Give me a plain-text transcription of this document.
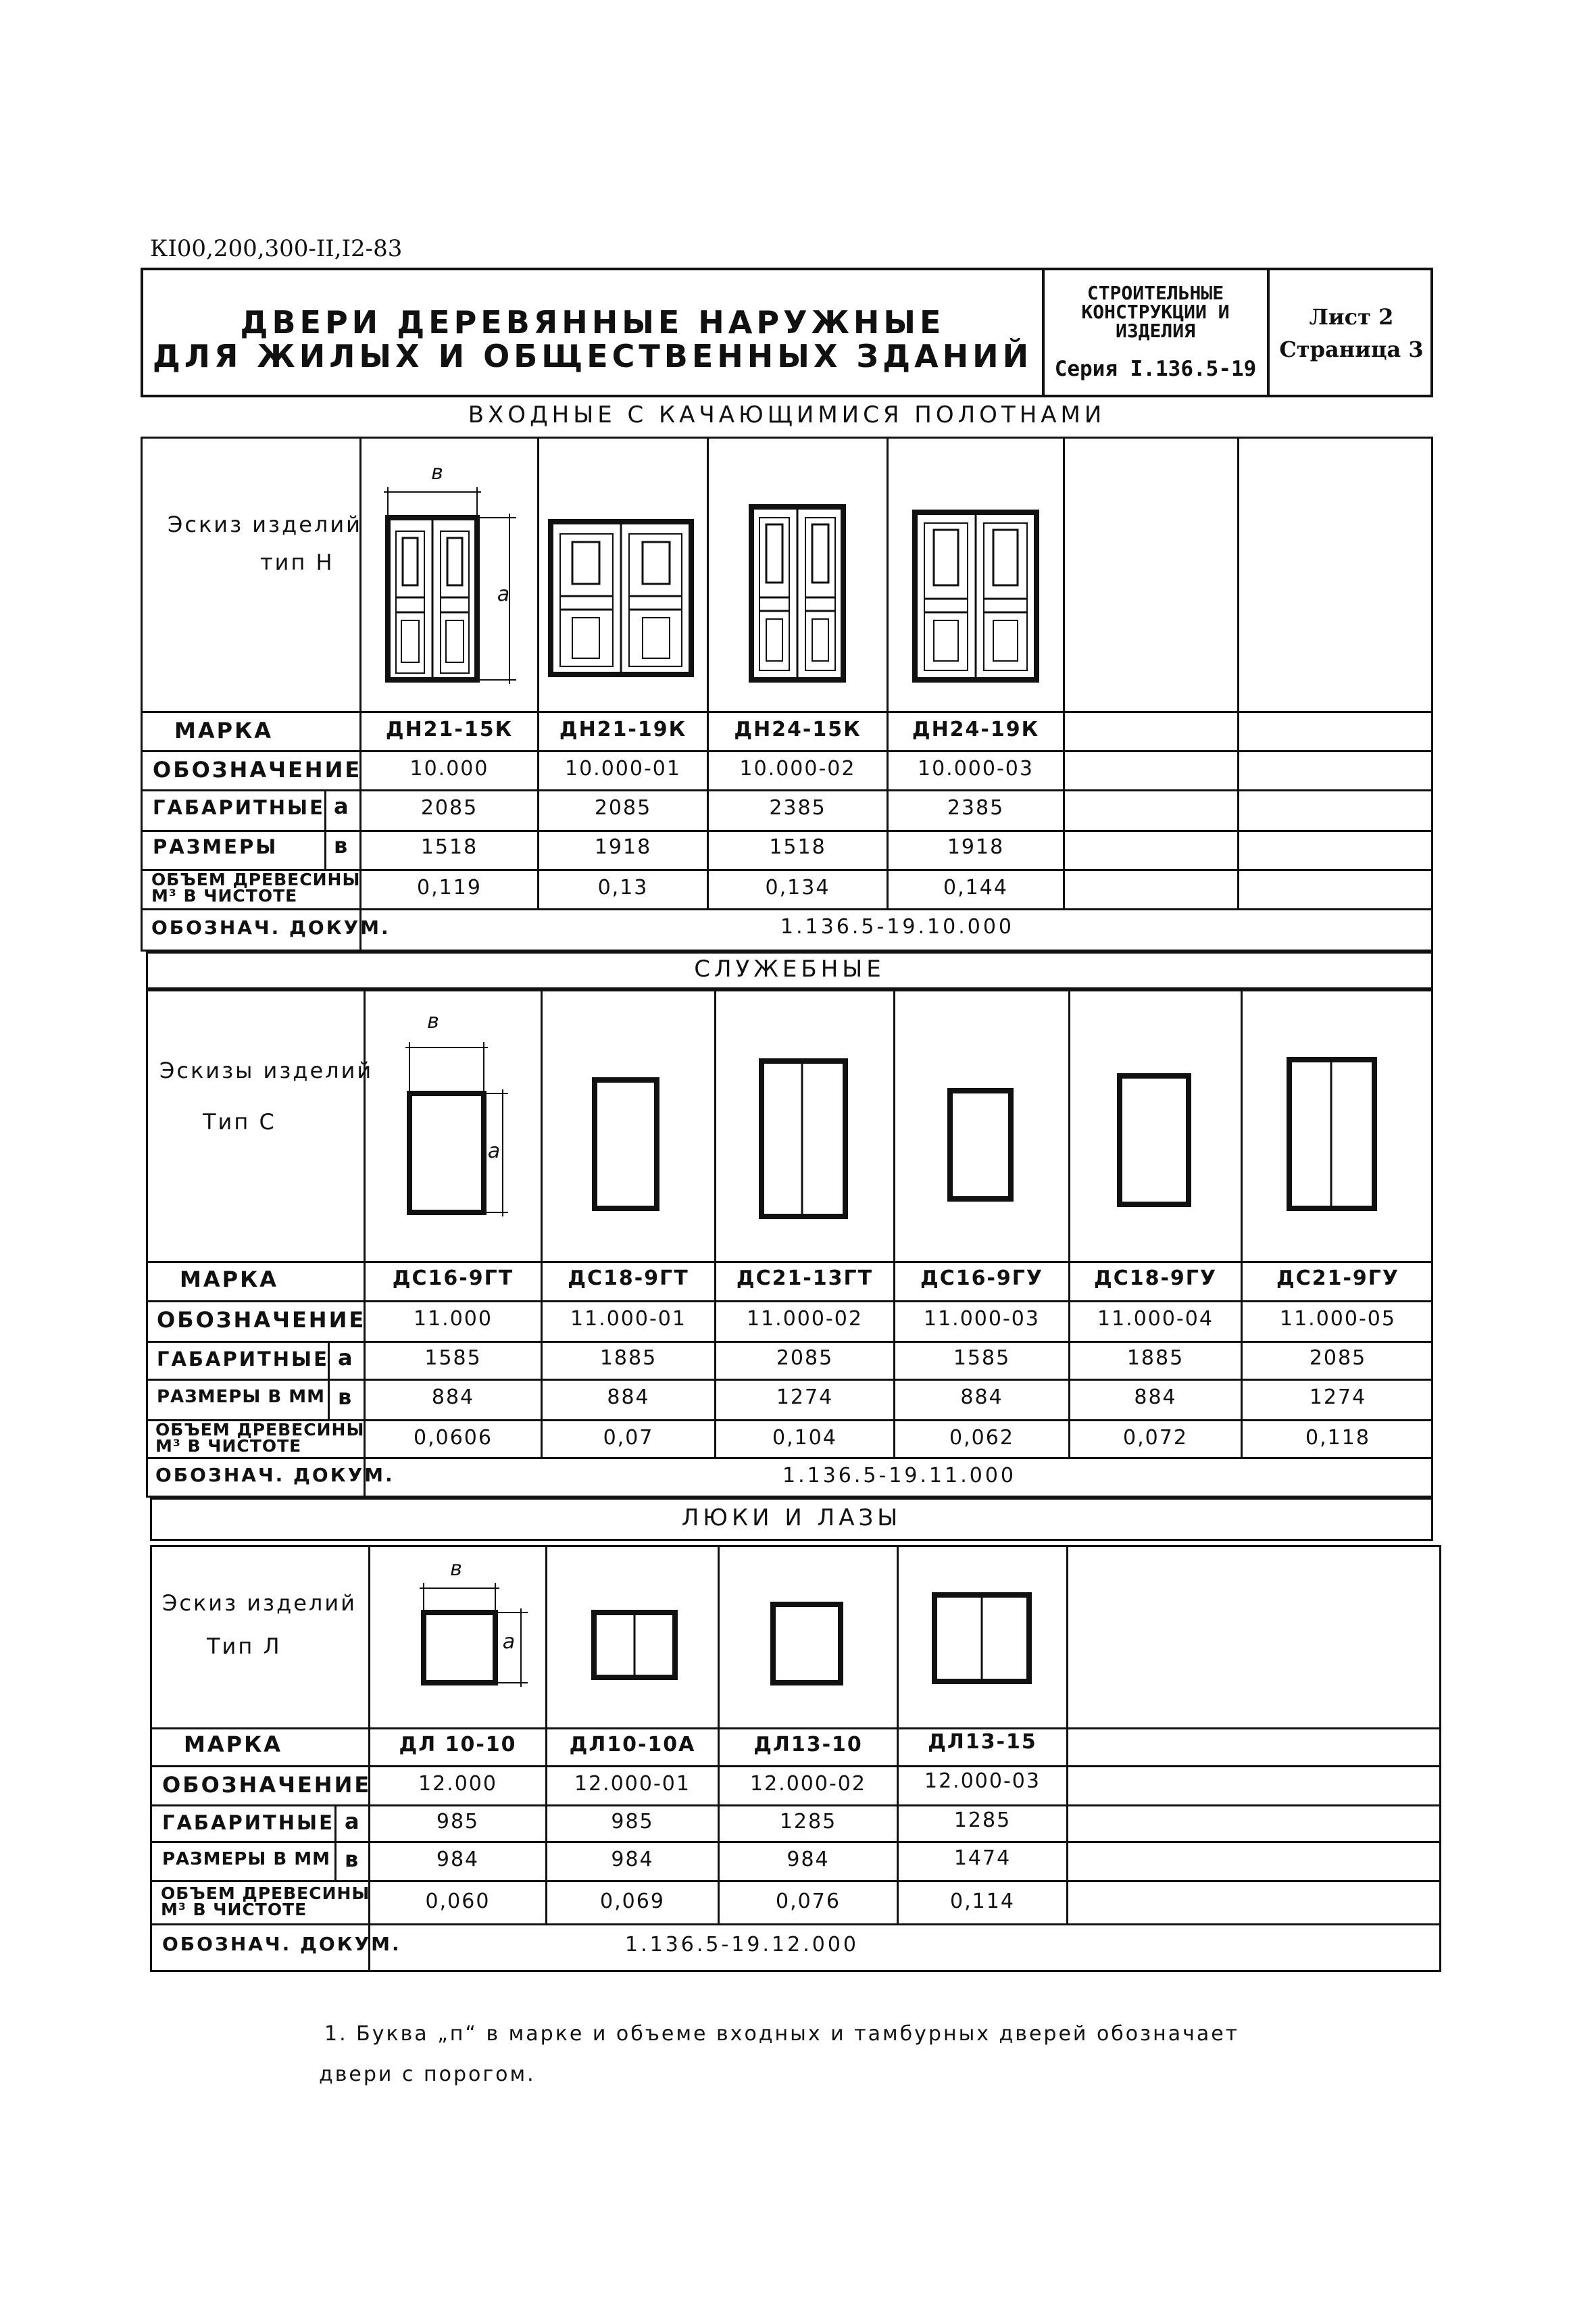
КI00,200,300-II,I2-83
ДВЕРИ ДЕРЕВЯННЫЕ НАРУЖНЫЕ
ДЛЯ ЖИЛЫХ И ОБЩЕСТВЕННЫХ ЗДАНИЙ
СТРОИТЕЛЬНЫЕ
КОНСТРУКЦИИ И
ИЗДЕЛИЯ
Серия I.136.5-19
Лист 2
Страница 3
ВХОДНЫЕ С КАЧАЮЩИМИСЯ ПОЛОТНАМИ
Эскиз изделий
тип Н
в
а
МАРКА
ОБОЗНАЧЕНИЕ
ГАБАРИТНЫЕ
РАЗМЕРЫ
а
в
ОБЪЕМ ДРЕВЕСИНЫ
М³ В ЧИСТОТЕ
ОБОЗНАЧ. ДОКУМ.
ДН21-15К
10.000
2085
1518
0,119
ДН21-19К
10.000-01
2085
1918
0,13
ДН24-15К
10.000-02
2385
1518
0,134
ДН24-19К
10.000-03
2385
1918
0,144
1.136.5-19.10.000
СЛУЖЕБНЫЕ
Эскизы изделий
Тип С
в
а
МАРКА
ОБОЗНАЧЕНИЕ
ГАБАРИТНЫЕ
РАЗМЕРЫ В ММ
а
в
ОБЪЕМ ДРЕВЕСИНЫ
М³ В ЧИСТОТЕ
ОБОЗНАЧ. ДОКУМ.
ДС16-9ГТ
11.000
1585
884
0,0606
ДС18-9ГТ
11.000-01
1885
884
0,07
ДС21-13ГТ
11.000-02
2085
1274
0,104
ДС16-9ГУ
11.000-03
1585
884
0,062
ДС18-9ГУ
11.000-04
1885
884
0,072
ДС21-9ГУ
11.000-05
2085
1274
0,118
1.136.5-19.11.000
ЛЮКИ И ЛАЗЫ
Эскиз изделий
Тип Л
в
а
МАРКА
ОБОЗНАЧЕНИЕ
ГАБАРИТНЫЕ
РАЗМЕРЫ В ММ
а
в
ОБЪЕМ ДРЕВЕСИНЫ
М³ В ЧИСТОТЕ
ОБОЗНАЧ. ДОКУМ.
ДЛ 10-10
12.000
985
984
0,060
ДЛ10-10А
12.000-01
985
984
0,069
ДЛ13-10
12.000-02
1285
984
0,076
ДЛ13-15
12.000-03
1285
1474
0,114
1.136.5-19.12.000
1. Буква „п“ в марке и объеме входных и тамбурных дверей обозначает
двери с порогом.
